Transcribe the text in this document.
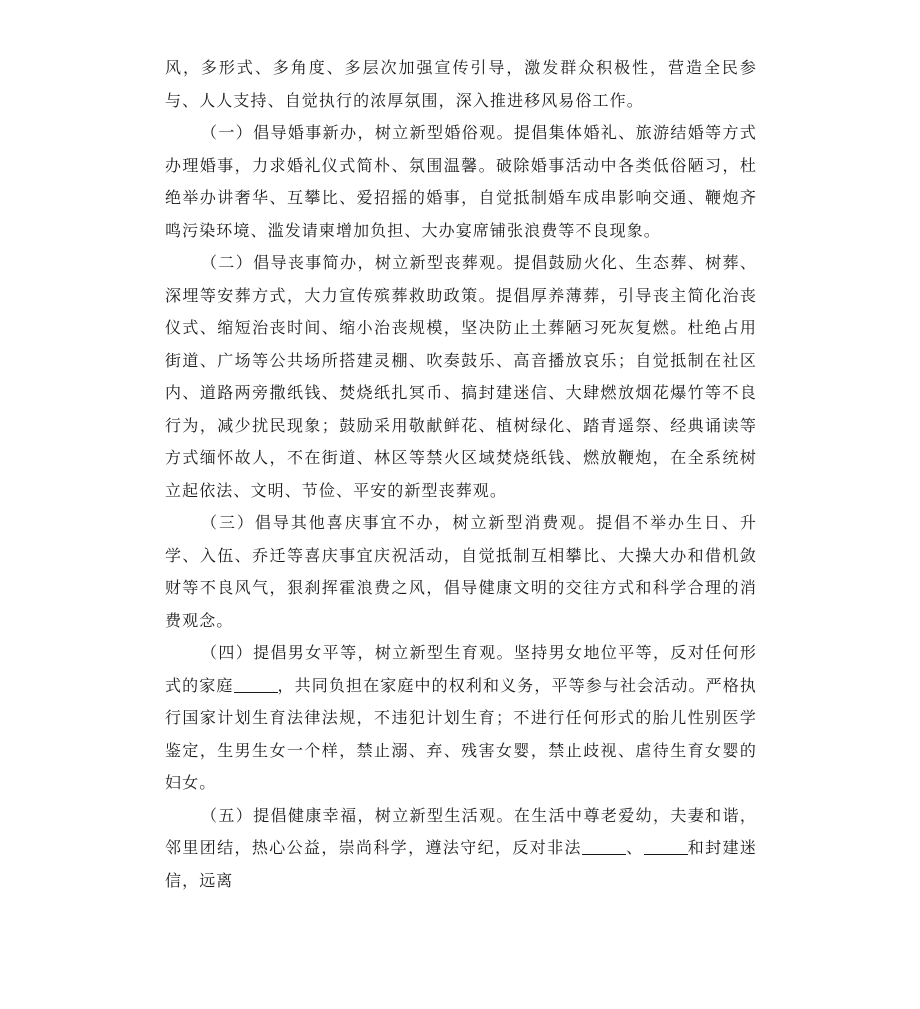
风，多形式、多角度、多层次加强宣传引导，激发群众积极性，营造全民参与、人人支持、自觉执行的浓厚氛围，深入推进移风易俗工作。

（一）倡导婚事新办，树立新型婚俗观。提倡集体婚礼、旅游结婚等方式办理婚事，力求婚礼仪式简朴、氛围温馨。破除婚事活动中各类低俗陋习，杜绝举办讲奢华、互攀比、爱招摇的婚事，自觉抵制婚车成串影响交通、鞭炮齐鸣污染环境、滥发请柬增加负担、大办宴席铺张浪费等不良现象。

（二）倡导丧事简办，树立新型丧葬观。提倡鼓励火化、生态葬、树葬、深埋等安葬方式，大力宣传殡葬救助政策。提倡厚养薄葬，引导丧主简化治丧仪式、缩短治丧时间、缩小治丧规模，坚决防止土葬陋习死灰复燃。杜绝占用街道、广场等公共场所搭建灵棚、吹奏鼓乐、高音播放哀乐；自觉抵制在社区内、道路两旁撒纸钱、焚烧纸扎冥币、搞封建迷信、大肆燃放烟花爆竹等不良行为，减少扰民现象；鼓励采用敬献鲜花、植树绿化、踏青遥祭、经典诵读等方式缅怀故人，不在街道、林区等禁火区域焚烧纸钱、燃放鞭炮，在全系统树立起依法、文明、节俭、平安的新型丧葬观。

（三）倡导其他喜庆事宜不办，树立新型消费观。提倡不举办生日、升学、入伍、乔迁等喜庆事宜庆祝活动，自觉抵制互相攀比、大操大办和借机敛财等不良风气，狠刹挥霍浪费之风，倡导健康文明的交往方式和科学合理的消费观念。

（四）提倡男女平等，树立新型生育观。坚持男女地位平等，反对任何形式的家庭	，共同负担在家庭中的权利和义务，平等参与社会活动。严格执行国家计划生育法律法规，不违犯计划生育；不进行任何形式的胎儿性别医学鉴定，生男生女一个样，禁止溺、弃、残害女婴，禁止歧视、虐待生育女婴的妇女。

（五）提倡健康幸福，树立新型生活观。在生活中尊老爱幼，夫妻和谐，邻里团结，热心公益，崇尚科学，遵法守纪，反对非法	、	和封建迷信，远离
